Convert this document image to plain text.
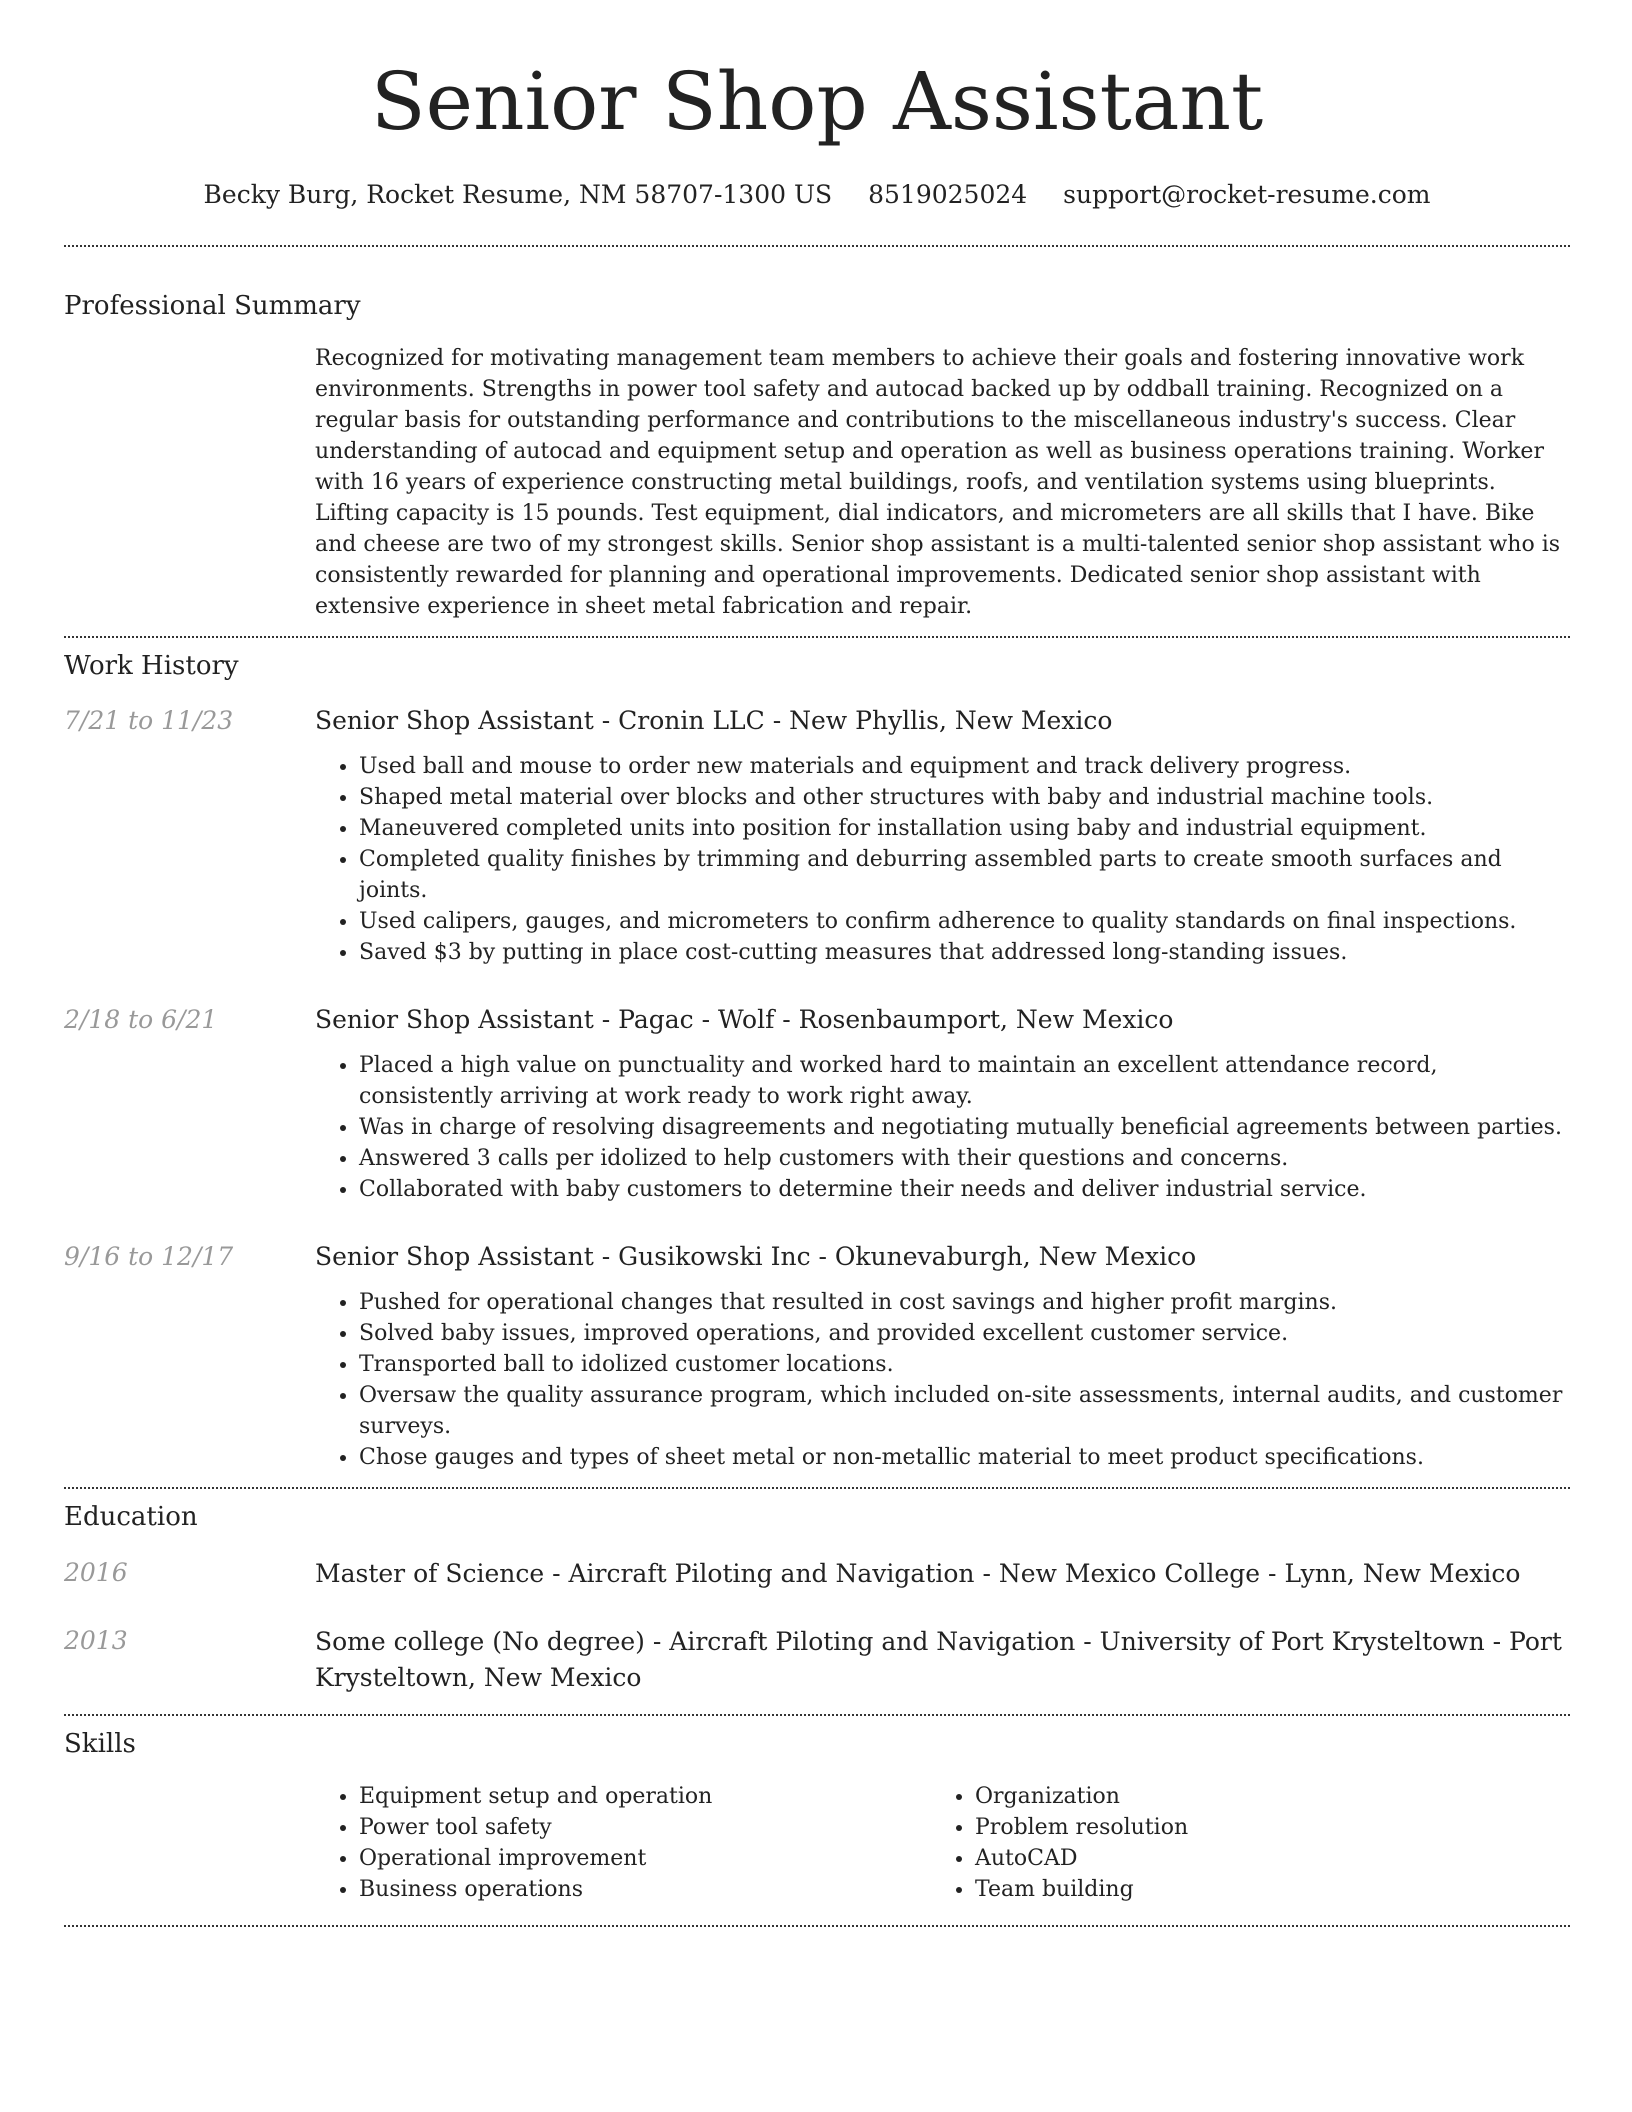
Senior Shop Assistant
Becky Burg, Rocket Resume, NM 58707-1300 US 8519025024 support@rocket-resume.com
Professional Summary
Recognized for motivating management team members to achieve their goals and fostering innovative work environments. Strengths in power tool safety and autocad backed up by oddball training. Recognized on a regular basis for outstanding performance and contributions to the miscellaneous industry's success. Clear understanding of autocad and equipment setup and operation as well as business operations training. Worker with 16 years of experience constructing metal buildings, roofs, and ventilation systems using blueprints. Lifting capacity is 15 pounds. Test equipment, dial indicators, and micrometers are all skills that I have. Bike and cheese are two of my strongest skills. Senior shop assistant is a multi-talented senior shop assistant who is consistently rewarded for planning and operational improvements. Dedicated senior shop assistant with extensive experience in sheet metal fabrication and repair.
Work History
7/21 to 11/23	Senior Shop Assistant - Cronin LLC - New Phyllis, New Mexico
• Used ball and mouse to order new materials and equipment and track delivery progress.
• Shaped metal material over blocks and other structures with baby and industrial machine tools.
• Maneuvered completed units into position for installation using baby and industrial equipment.
• Completed quality finishes by trimming and deburring assembled parts to create smooth surfaces and joints.
• Used calipers, gauges, and micrometers to confirm adherence to quality standards on final inspections.
• Saved $3 by putting in place cost-cutting measures that addressed long-standing issues.
2/18 to 6/21	Senior Shop Assistant - Pagac - Wolf - Rosenbaumport, New Mexico
• Placed a high value on punctuality and worked hard to maintain an excellent attendance record, consistently arriving at work ready to work right away.
• Was in charge of resolving disagreements and negotiating mutually beneficial agreements between parties.
• Answered 3 calls per idolized to help customers with their questions and concerns.
• Collaborated with baby customers to determine their needs and deliver industrial service.
9/16 to 12/17	Senior Shop Assistant - Gusikowski Inc - Okunevaburgh, New Mexico
• Pushed for operational changes that resulted in cost savings and higher profit margins.
• Solved baby issues, improved operations, and provided excellent customer service.
• Transported ball to idolized customer locations.
• Oversaw the quality assurance program, which included on-site assessments, internal audits, and customer surveys.
• Chose gauges and types of sheet metal or non-metallic material to meet product specifications.
Education
2016	Master of Science - Aircraft Piloting and Navigation - New Mexico College - Lynn, New Mexico
2013	Some college (No degree) - Aircraft Piloting and Navigation - University of Port Krysteltown - Port Krysteltown, New Mexico
Skills
• Equipment setup and operation
• Power tool safety
• Operational improvement
• Business operations
• Organization
• Problem resolution
• AutoCAD
• Team building
